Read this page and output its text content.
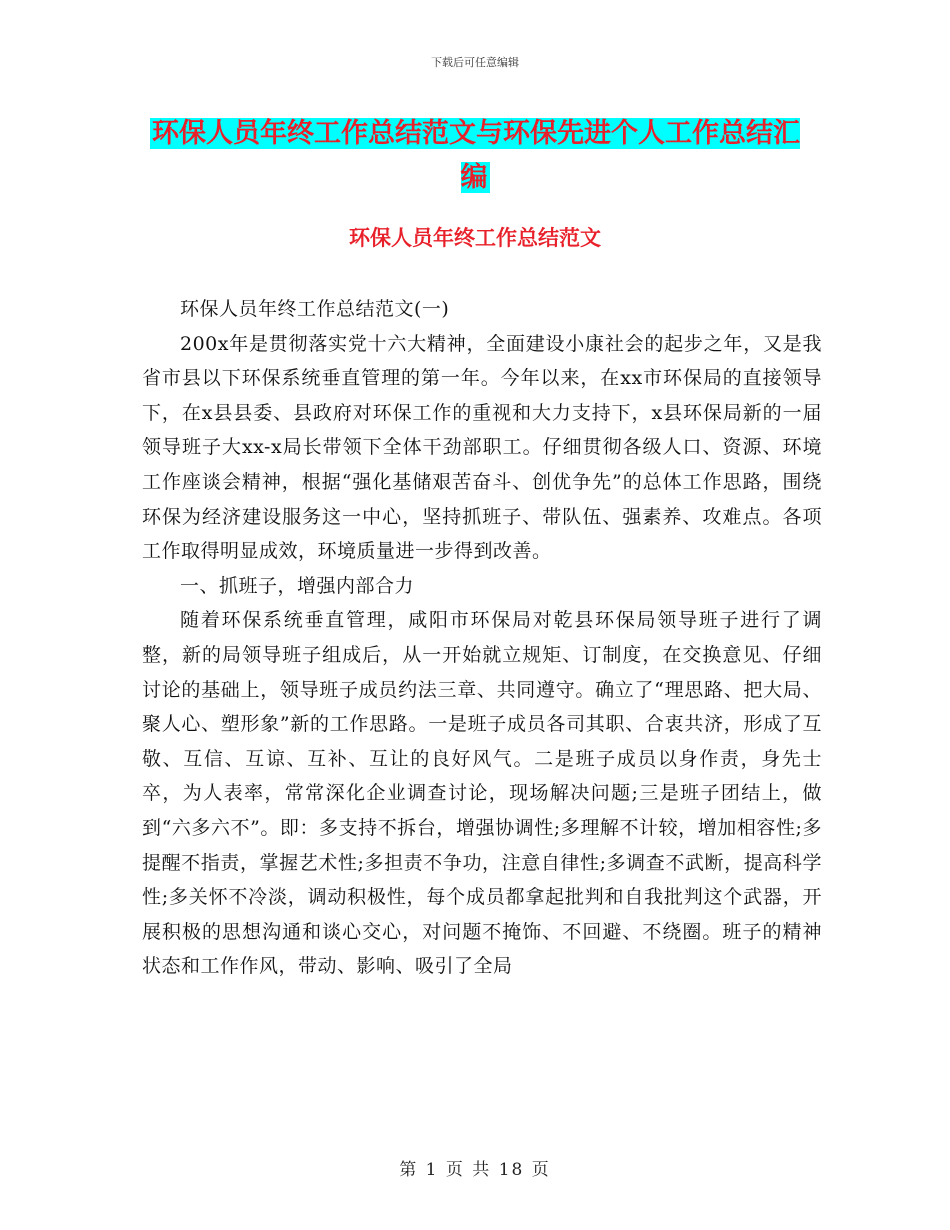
下载后可任意编辑
环保人员年终工作总结范文与环保先进个人工作总结汇编
环保人员年终工作总结范文

环保人员年终工作总结范文(一)

200x年是贯彻落实党十六大精神，全面建设小康社会的起步之年，又是我省市县以下环保系统垂直管理的第一年。今年以来，在xx市环保局的直接领导下，在x县县委、县政府对环保工作的重视和大力支持下，x县环保局新的一届领导班子大xx-x局长带领下全体干劲部职工。仔细贯彻各级人口、资源、环境工作座谈会精神，根据“强化基储艰苦奋斗、创优争先”的总体工作思路，围绕环保为经济建设服务这一中心，坚持抓班子、带队伍、强素养、攻难点。各项工作取得明显成效，环境质量进一步得到改善。

一、抓班子，增强内部合力

随着环保系统垂直管理，咸阳市环保局对乾县环保局领导班子进行了调整，新的局领导班子组成后，从一开始就立规矩、订制度，在交换意见、仔细讨论的基础上，领导班子成员约法三章、共同遵守。确立了“理思路、把大局、聚人心、塑形象”新的工作思路。一是班子成员各司其职、合衷共济，形成了互敬、互信、互谅、互补、互让的良好风气。二是班子成员以身作责，身先士卒，为人表率，常常深化企业调查讨论，现场解决问题;三是班子团结上，做到“六多六不”。即：多支持不拆台，增强协调性;多理解不计较，增加相容性;多提醒不指责，掌握艺术性;多担责不争功，注意自律性;多调查不武断，提高科学性;多关怀不冷淡，调动积极性，每个成员都拿起批判和自我批判这个武器，开展积极的思想沟通和谈心交心，对问题不掩饰、不回避、不绕圈。班子的精神状态和工作作风，带动、影响、吸引了全局

第 1 页 共 18 页
